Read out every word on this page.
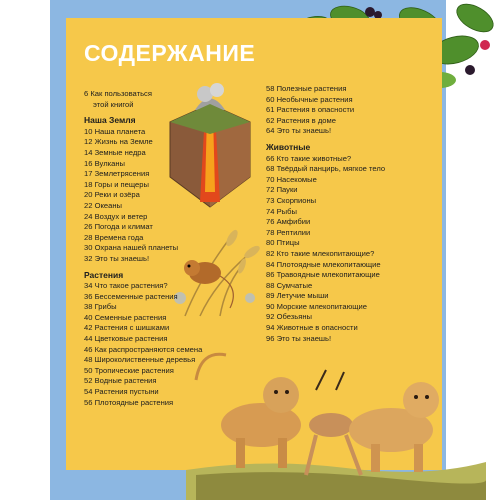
СОДЕРЖАНИЕ
6 Как пользоваться
этой книгой
Наша Земля
10 Наша планета
12 Жизнь на Земле
14 Земные недра
16 Вулканы
17 Землетрясения
18 Горы и пещеры
20 Реки и озёра
22 Океаны
24 Воздух и ветер
26 Погода и климат
28 Времена года
30 Охрана нашей планеты
32 Это ты знаешь!
Растения
34 Что такое растения?
36 Бессеменные растения
38 Грибы
40 Семенные растения
42 Растения с шишками
44 Цветковые растения
46 Как распространяются семена
48 Широколиственные деревья
50 Тропические растения
52 Водные растения
54 Растения пустыни
56 Плотоядные растения
58 Полезные растения
60 Необычные растения
61 Растения в опасности
62 Растения в доме
64 Это ты знаешь!
Животные
66 Кто такие животные?
68 Твёрдый панцирь, мягкое тело
70 Насекомые
72 Пауки
73 Скорпионы
74 Рыбы
76 Амфибии
78 Рептилии
80 Птицы
82 Кто такие млекопитающие?
84 Плотоядные млекопитающие
86 Травоядные млекопитающие
88 Сумчатые
89 Летучие мыши
90 Морские млекопитающие
92 Обезьяны
94 Животные в опасности
96 Это ты знаешь!
